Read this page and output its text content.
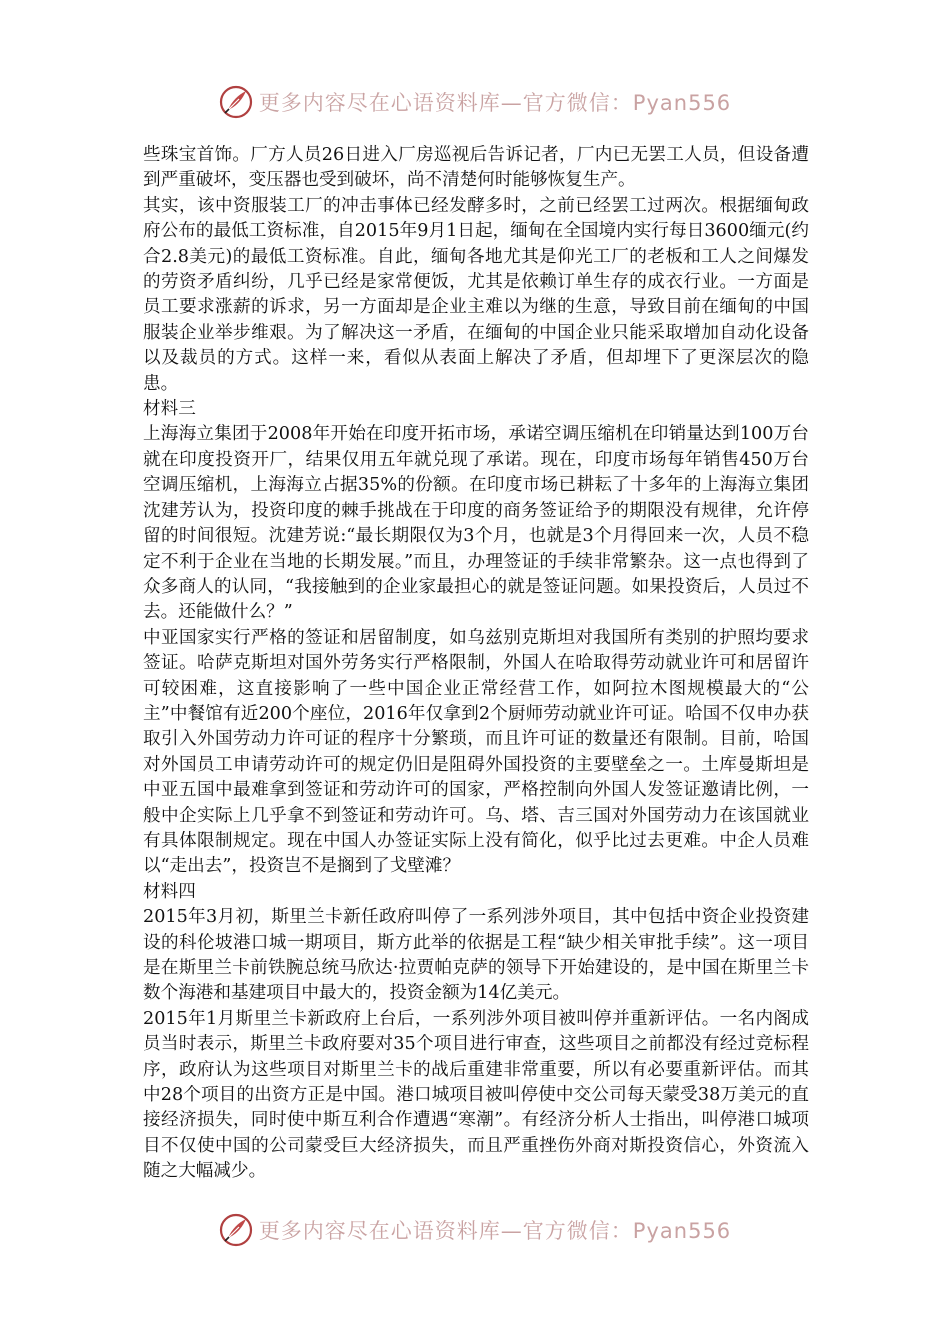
更多内容尽在心语资料库—官方微信：Pyan556

些珠宝首饰。厂方人员26日进入厂房巡视后告诉记者，厂内已无罢工人员，但设备遭到严重破坏，变压器也受到破坏，尚不清楚何时能够恢复生产。

其实，该中资服装工厂的冲击事体已经发酵多时，之前已经罢工过两次。根据缅甸政府公布的最低工资标准，自2015年9月1日起，缅甸在全国境内实行每日3600缅元(约合2.8美元)的最低工资标准。自此，缅甸各地尤其是仰光工厂的老板和工人之间爆发的劳资矛盾纠纷，几乎已经是家常便饭，尤其是依赖订单生存的成衣行业。一方面是员工要求涨薪的诉求，另一方面却是企业主难以为继的生意，导致目前在缅甸的中国服装企业举步维艰。为了解决这一矛盾，在缅甸的中国企业只能采取增加自动化设备以及裁员的方式。这样一来，看似从表面上解决了矛盾，但却埋下了更深层次的隐患。

材料三

上海海立集团于2008年开始在印度开拓市场，承诺空调压缩机在印销量达到100万台就在印度投资开厂，结果仅用五年就兑现了承诺。现在，印度市场每年销售450万台空调压缩机，上海海立占据35%的份额。在印度市场已耕耘了十多年的上海海立集团沈建芳认为，投资印度的棘手挑战在于印度的商务签证给予的期限没有规律，允许停留的时间很短。沈建芳说:“最长期限仅为3个月，也就是3个月得回来一次，人员不稳定不利于企业在当地的长期发展。”而且，办理签证的手续非常繁杂。这一点也得到了众多商人的认同，“我接触到的企业家最担心的就是签证问题。如果投资后，人员过不去。还能做什么？”

中亚国家实行严格的签证和居留制度，如乌兹别克斯坦对我国所有类别的护照均要求签证。哈萨克斯坦对国外劳务实行严格限制，外国人在哈取得劳动就业许可和居留许可较困难，这直接影响了一些中国企业正常经营工作，如阿拉木图规模最大的“公主”中餐馆有近200个座位，2016年仅拿到2个厨师劳动就业许可证。哈国不仅申办获取引入外国劳动力许可证的程序十分繁琐，而且许可证的数量还有限制。目前，哈国对外国员工申请劳动许可的规定仍旧是阻碍外国投资的主要壁垒之一。土库曼斯坦是中亚五国中最难拿到签证和劳动许可的国家，严格控制向外国人发签证邀请比例，一般中企实际上几乎拿不到签证和劳动许可。乌、塔、吉三国对外国劳动力在该国就业有具体限制规定。现在中国人办签证实际上没有简化，似乎比过去更难。中企人员难以“走出去”，投资岂不是搁到了戈壁滩？

材料四

2015年3月初，斯里兰卡新任政府叫停了一系列涉外项目，其中包括中资企业投资建设的科伦坡港口城一期项目，斯方此举的依据是工程“缺少相关审批手续”。这一项目是在斯里兰卡前铁腕总统马欣达·拉贾帕克萨的领导下开始建设的，是中国在斯里兰卡数个海港和基建项目中最大的，投资金额为14亿美元。

2015年1月斯里兰卡新政府上台后，一系列涉外项目被叫停并重新评估。一名内阁成员当时表示，斯里兰卡政府要对35个项目进行审查，这些项目之前都没有经过竞标程序，政府认为这些项目对斯里兰卡的战后重建非常重要，所以有必要重新评估。而其中28个项目的出资方正是中国。港口城项目被叫停使中交公司每天蒙受38万美元的直接经济损失，同时使中斯互利合作遭遇“寒潮”。有经济分析人士指出，叫停港口城项目不仅使中国的公司蒙受巨大经济损失，而且严重挫伤外商对斯投资信心，外资流入随之大幅减少。

更多内容尽在心语资料库—官方微信：Pyan556
